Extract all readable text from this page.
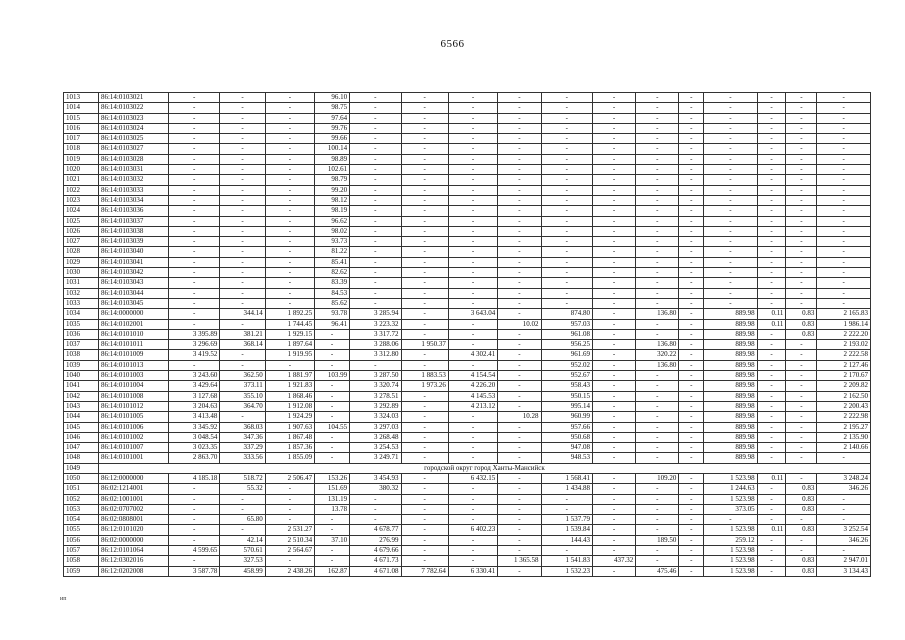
6566
1013	86:14:0103021	-	-	-	96.10	-	-	-	-	-	-	-	-	-	-	-	-
1014	86:14:0103022	-	-	-	98.75	-	-	-	-	-	-	-	-	-	-	-	-
1015	86:14:0103023	-	-	-	97.64	-	-	-	-	-	-	-	-	-	-	-	-
1016	86:14:0103024	-	-	-	99.76	-	-	-	-	-	-	-	-	-	-	-	-
1017	86:14:0103025	-	-	-	99.66	-	-	-	-	-	-	-	-	-	-	-	-
1018	86:14:0103027	-	-	-	100.14	-	-	-	-	-	-	-	-	-	-	-	-
1019	86:14:0103028	-	-	-	98.89	-	-	-	-	-	-	-	-	-	-	-	-
1020	86:14:0103031	-	-	-	102.61	-	-	-	-	-	-	-	-	-	-	-	-
1021	86:14:0103032	-	-	-	98.79	-	-	-	-	-	-	-	-	-	-	-	-
1022	86:14:0103033	-	-	-	99.20	-	-	-	-	-	-	-	-	-	-	-	-
1023	86:14:0103034	-	-	-	98.12	-	-	-	-	-	-	-	-	-	-	-	-
1024	86:14:0103036	-	-	-	98.19	-	-	-	-	-	-	-	-	-	-	-	-
1025	86:14:0103037	-	-	-	96.62	-	-	-	-	-	-	-	-	-	-	-	-
1026	86:14:0103038	-	-	-	98.02	-	-	-	-	-	-	-	-	-	-	-	-
1027	86:14:0103039	-	-	-	93.73	-	-	-	-	-	-	-	-	-	-	-	-
1028	86:14:0103040	-	-	-	81.22	-	-	-	-	-	-	-	-	-	-	-	-
1029	86:14:0103041	-	-	-	85.41	-	-	-	-	-	-	-	-	-	-	-	-
1030	86:14:0103042	-	-	-	82.62	-	-	-	-	-	-	-	-	-	-	-	-
1031	86:14:0103043	-	-	-	83.39	-	-	-	-	-	-	-	-	-	-	-	-
1032	86:14:0103044	-	-	-	84.53	-	-	-	-	-	-	-	-	-	-	-	-
1033	86:14:0103045	-	-	-	85.62	-	-	-	-	-	-	-	-	-	-	-	-
1034	86:14:0000000	-	344.14	1 892.25	93.78	3 285.94	-	3 643.04	-	874.80	-	136.80	-	889.98	0.11	0.83	2 165.83
1035	86:14:0102001	-	-	1 744.45	96.41	3 223.32	-	-	10.02	957.03	-	-	-	889.98	0.11	0.83	1 986.14
1036	86:14:0101010	3 395.89	381.21	1 929.15	-	3 317.72	-	-	-	961.08	-	-	-	889.98	-	0.83	2 222.20
1037	86:14:0101011	3 296.69	368.14	1 897.64	-	3 288.06	1 950.37	-	-	956.25	-	136.80	-	889.98	-	-	2 193.02
1038	86:14:0101009	3 419.52	-	1 919.95	-	3 312.80	-	4 302.41	-	961.69	-	320.22	-	889.98	-	-	2 222.58
1039	86:14:0101013	-	-	-	-	-	-	-	-	952.02	-	136.80	-	889.98	-	-	2 127.46
1040	86:14:0101003	3 243.60	362.50	1 881.97	103.99	3 287.50	1 883.53	4 154.54	-	952.67	-	-	-	889.98	-	-	2 170.67
1041	86:14:0101004	3 429.64	373.11	1 921.83	-	3 320.74	1 973.26	4 226.20	-	958.43	-	-	-	889.98	-	-	2 209.82
1042	86:14:0101008	3 127.68	355.10	1 868.46	-	3 278.51	-	4 145.53	-	950.15	-	-	-	889.98	-	-	2 162.50
1043	86:14:0101012	3 204.63	364.70	1 912.08	-	3 292.89	-	4 213.12	-	995.14	-	-	-	889.98	-	-	2 200.43
1044	86:14:0101005	3 413.48	-	1 924.29	-	3 324.03	-	-	10.28	960.99	-	-	-	889.98	-	-	2 222.98
1045	86:14:0101006	3 345.92	368.03	1 907.63	104.55	3 297.03	-	-	-	957.66	-	-	-	889.98	-	-	2 195.27
1046	86:14:0101002	3 048.54	347.36	1 867.48	-	3 268.48	-	-	-	950.68	-	-	-	889.98	-	-	2 135.90
1047	86:14:0101007	3 023.35	337.29	1 857.36	-	3 254.53	-	-	-	947.08	-	-	-	889.98	-	-	2 140.66
1048	86:14:0101001	2 863.70	333.56	1 855.09	-	3 249.71	-	-	-	948.53	-	-	-	889.98	-	-	-
1049	городской округ город Ханты-Мансийск																
1050	86:12:0000000	4 185.18	518.72	2 506.47	153.26	3 454.93	-	6 432.15	-	1 568.41	-	109.20	-	1 523.98	0.11	-	3 248.24
1051	86:02:1214001	-	55.32	-	151.69	380.32	-	-	-	1 434.88	-	-	-	1 244.63	-	0.83	346.26
1052	86:02:1001001	-	-	-	131.19	-	-	-	-	-	-	-	-	1 523.98	-	0.83	-
1053	86:02:0707002	-	-	-	13.78	-	-	-	-	-	-	-	-	373.05	-	0.83	-
1054	86:02:0808001	-	65.80	-	-	-	-	-	-	1 537.79	-	-	-	-	-	-	-
1055	86:12:0101020	-	-	2 531.27	-	4 678.77	-	6 402.23	-	1 539.84	-	-	-	1 523.98	0.11	0.83	3 252.54
1056	86:02:0000000	-	42.14	2 510.34	37.10	276.99	-	-	-	144.43	-	189.50	-	259.12	-	-	346.26
1057	86:12:0101064	4 599.65	570.61	2 564.67	-	4 679.66	-	-	-	-	-	-	-	1 523.98	-	-	-
1058	86:12:0302016	-	327.53	-	-	4 671.73	-	-	1 365.58	1 541.83	437.32	-	-	1 523.98	-	0.83	2 947.01
1059	86:12:0202008	3 587.78	458.99	2 438.26	162.87	4 671.08	7 782.64	6 330.41	-	1 532.23	-	475.46	-	1 523.98	-	0.83	3 134.43
ип
